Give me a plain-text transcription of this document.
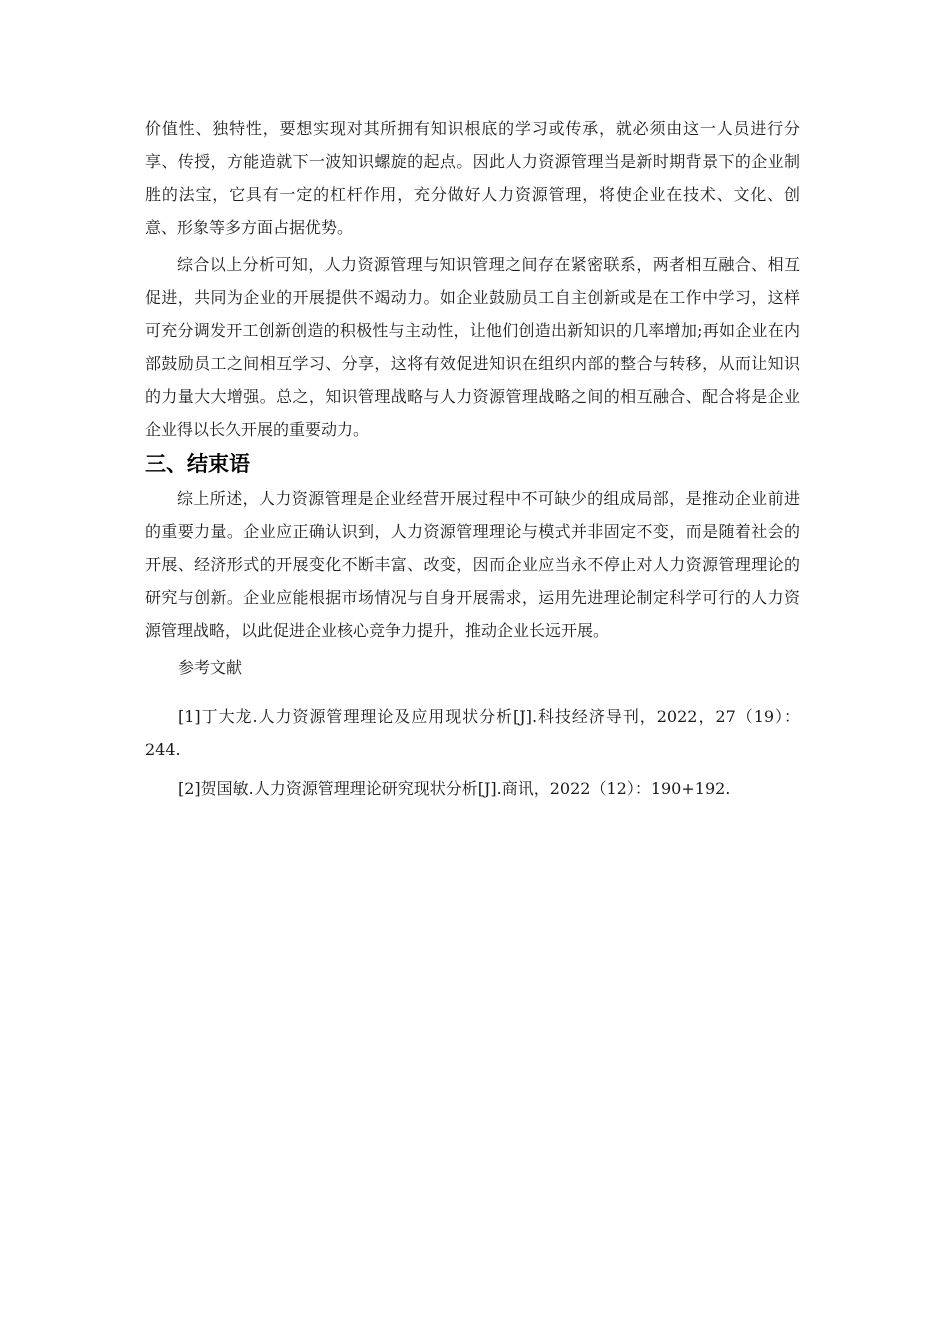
价值性、独特性，要想实现对其所拥有知识根底的学习或传承，就必须由这一人员进行分享、传授，方能造就下一波知识螺旋的起点。因此人力资源管理当是新时期背景下的企业制胜的法宝，它具有一定的杠杆作用，充分做好人力资源管理，将使企业在技术、文化、创意、形象等多方面占据优势。

综合以上分析可知，人力资源管理与知识管理之间存在紧密联系，两者相互融合、相互促进，共同为企业的开展提供不竭动力。如企业鼓励员工自主创新或是在工作中学习，这样可充分调发开工创新创造的积极性与主动性，让他们创造出新知识的几率增加;再如企业在内部鼓励员工之间相互学习、分享，这将有效促进知识在组织内部的整合与转移，从而让知识的力量大大增强。总之，知识管理战略与人力资源管理战略之间的相互融合、配合将是企业企业得以长久开展的重要动力。

三、结束语

综上所述，人力资源管理是企业经营开展过程中不可缺少的组成局部，是推动企业前进的重要力量。企业应正确认识到，人力资源管理理论与模式并非固定不变，而是随着社会的开展、经济形式的开展变化不断丰富、改变，因而企业应当永不停止对人力资源管理理论的研究与创新。企业应能根据市场情况与自身开展需求，运用先进理论制定科学可行的人力资源管理战略，以此促进企业核心竞争力提升，推动企业长远开展。

参考文献

[1]丁大龙.人力资源管理理论及应用现状分析[J].科技经济导刊，2022，27（19）：244.

[2]贺国敏.人力资源管理理论研究现状分析[J].商讯，2022（12）：190+192.
